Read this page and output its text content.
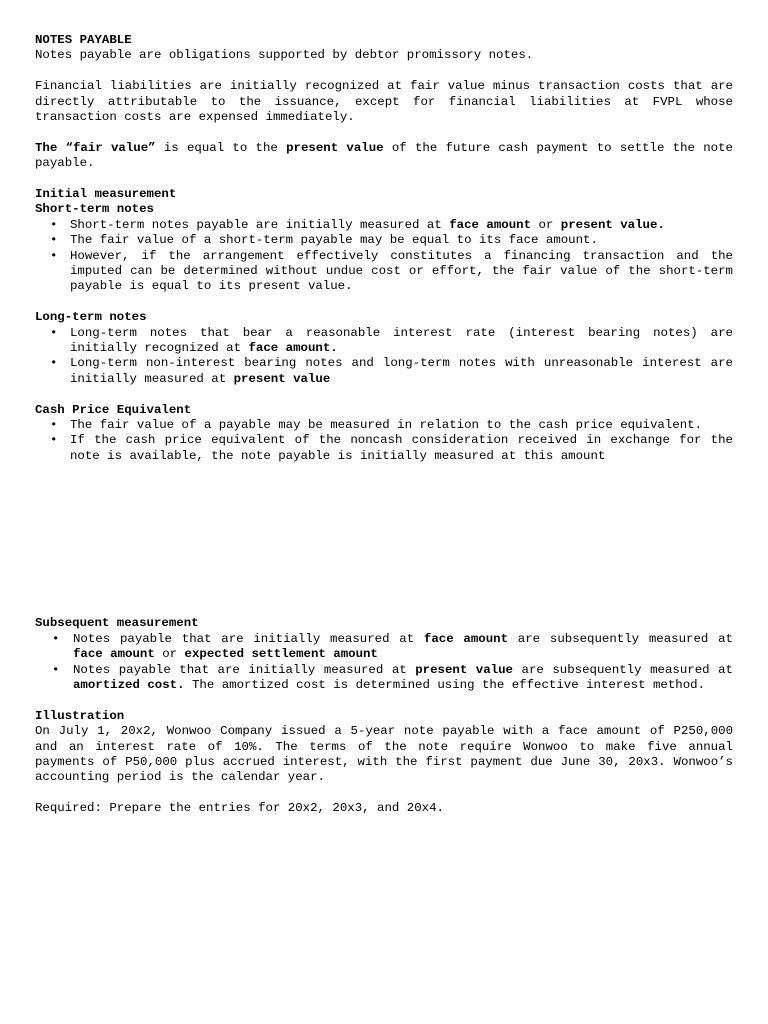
NOTES PAYABLE

Notes payable are obligations supported by debtor promissory notes.

Financial liabilities are initially recognized at fair value minus transaction costs that are directly attributable to the issuance, except for financial liabilities at FVPL whose transaction costs are expensed immediately.

The “fair value” is equal to the present value of the future cash payment to settle the note payable.

Initial measurement

Short-term notes

• Short-term notes payable are initially measured at face amount or present value.
• The fair value of a short-term payable may be equal to its face amount.
• However, if the arrangement effectively constitutes a financing transaction and the imputed can be determined without undue cost or effort, the fair value of the short-term payable is equal to its present value.

Long-term notes

• Long-term notes that bear a reasonable interest rate (interest bearing notes) are initially recognized at face amount.
• Long-term non-interest bearing notes and long-term notes with unreasonable interest are initially measured at present value

Cash Price Equivalent

• The fair value of a payable may be measured in relation to the cash price equivalent.
• If the cash price equivalent of the noncash consideration received in exchange for the note is available, the note payable is initially measured at this amount

Subsequent measurement

• Notes payable that are initially measured at face amount are subsequently measured at face amount or expected settlement amount
• Notes payable that are initially measured at present value are subsequently measured at amortized cost. The amortized cost is determined using the effective interest method.

Illustration

On July 1, 20x2, Wonwoo Company issued a 5-year note payable with a face amount of P250,000 and an interest rate of 10%. The terms of the note require Wonwoo to make five annual payments of P50,000 plus accrued interest, with the first payment due June 30, 20x3. Wonwoo’s accounting period is the calendar year.

Required: Prepare the entries for 20x2, 20x3, and 20x4.
